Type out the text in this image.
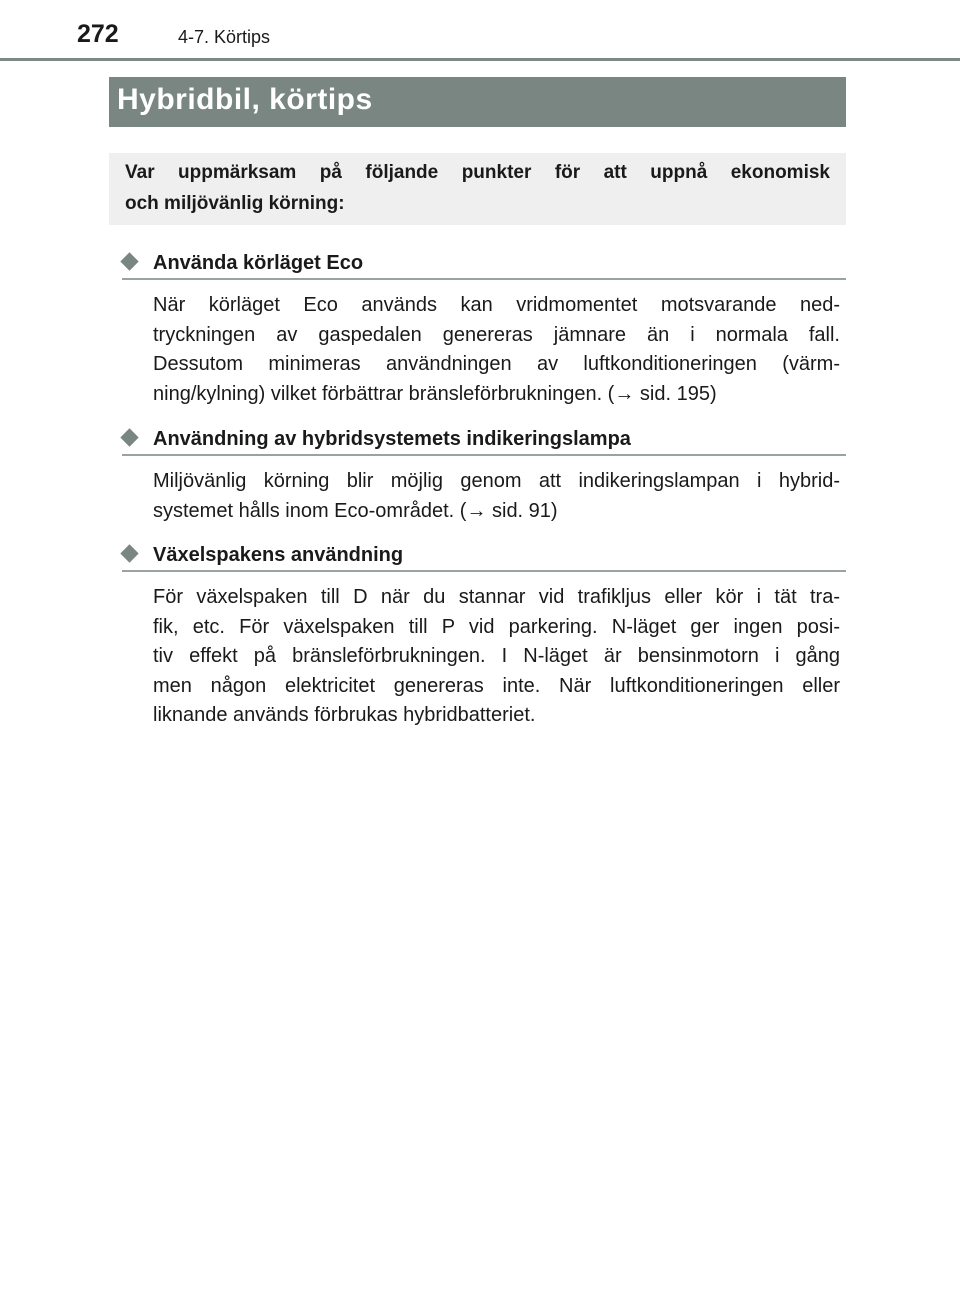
272	4-7. Körtips
Hybridbil, körtips
Var uppmärksam på följande punkter för att uppnå ekonomisk
och miljövänlig körning:
Använda körläget Eco
När körläget Eco används kan vridmomentet motsvarande ned-
tryckningen av gaspedalen genereras jämnare än i normala fall.
Dessutom minimeras användningen av luftkonditioneringen (värm-
ning/kylning) vilket förbättrar bränsleförbrukningen. (→ sid. 195)
Användning av hybridsystemets indikeringslampa
Miljövänlig körning blir möjlig genom att indikeringslampan i hybrid-
systemet hålls inom Eco-området. (→ sid. 91)
Växelspakens användning
För växelspaken till D när du stannar vid trafikljus eller kör i tät tra-
fik, etc. För växelspaken till P vid parkering. N-läget ger ingen posi-
tiv effekt på bränsleförbrukningen. I N-läget är bensinmotorn i gång
men någon elektricitet genereras inte. När luftkonditioneringen eller
liknande används förbrukas hybridbatteriet.
